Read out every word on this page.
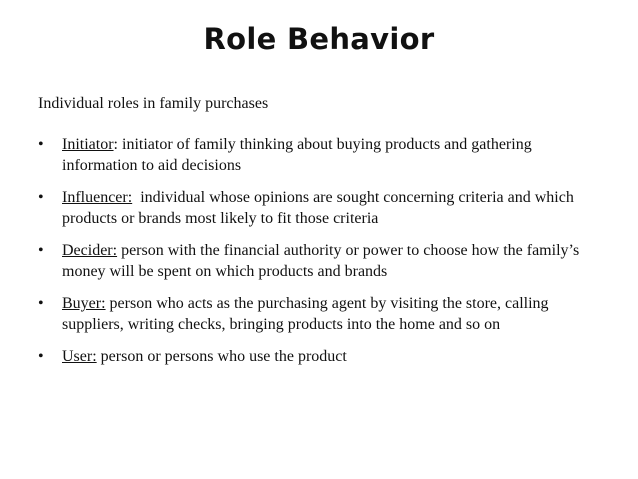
Role Behavior
Individual roles in family purchases
• Initiator: initiator of family thinking about buying products and gathering information to aid decisions
• Influencer:  individual whose opinions are sought concerning criteria and which products or brands most likely to fit those criteria
• Decider: person with the financial authority or power to choose how the family’s money will be spent on which products and brands
• Buyer: person who acts as the purchasing agent by visiting the store, calling suppliers, writing checks, bringing products into the home and so on
• User: person or persons who use the product
